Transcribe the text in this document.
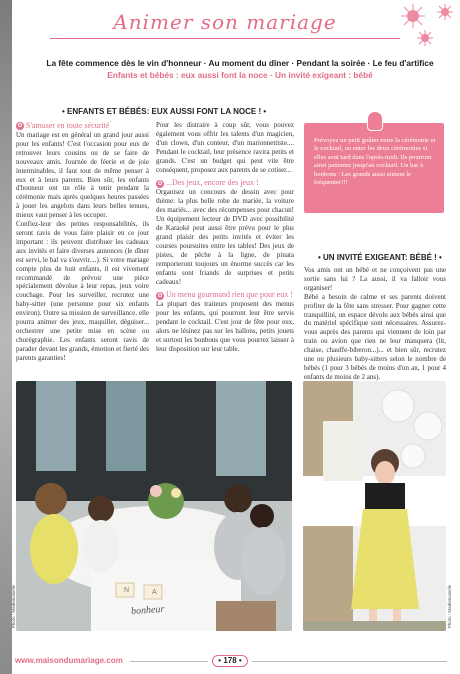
Animer son mariage
La fête commence dès le vin d'honneur · Au moment du dîner · Pendant la soirée · Le feu d'artifice
Enfants et bébés : eux aussi font la noce · Un invité exigeant : bébé
• ENFANTS ET BÉBÉS: EUX AUSSI FONT LA NOCE ! •
✿ S'amuser en toute sécurité

Un mariage est en général un grand jour aussi pour les enfants! C'est l'occasion pour eux de retrouver leurs cousins ou de se faire de nouveaux amis. Journée de féerie et de joie interminables, il faut tout de même penser à eux et à leurs parents. Bien sûr, les enfants d'honneur ont un rôle à tenir pendant la cérémonie mais après quelques heures passées à jouer les angelots dans leurs belles tenues, mieux vaut penser à les occuper.

Confiez-leur des petites responsabilités, ils seront ravis de vous faire plaisir en ce jour important : ils peuvent distribuer les cadeaux aux invités et faire diverses annonces (le dîner est servi, le bal va s'ouvrir....). Si votre mariage compte plus de huit enfants, il est vivement recommandé de prévoir une pièce spécialement dévolue à leur repas, jeux voire couchage. Pour les surveiller, recrutez une baby-sitter (une personne pour six enfants environ). Outre sa mission de surveillance, elle pourra animer des jeux, maquiller, déguiser... orchestrer une petite mise en scène ou chorégraphie. Les enfants seront ravis de parader devant les grands, émotion et fierté des parents garanties!

Pour les distraire à coup sûr, vous pouvez également vous offrir les talents d'un magicien, d'un clown, d'un conteur, d'un marionnettiste.... Pendant le cocktail, leur présence ravira petits et grands. C'est un budget qui peut vite être conséquent, proposez aux parents de se cotiser...

✿ ...Des jeux, encore des jeux !

Organisez un concours de dessin avec pour thème: la plus belle robe de mariée, la voiture des mariés... avec des récompenses pour chacun! Un équipement lecteur de DVD avec possibilité de Karaoké peut aussi être prévu pour le plus grand plaisir des petits invités et éviter les courses poursuites entre les tables! Des jeux de pistes, de pêche à la ligne, de pinata remporteront toujours un énorme succès car les enfants sont friands de surprises et petits cadeaux!

✿ Un menu gourmand rien que pour eux !

La plupart des traiteurs proposent des menus pour les enfants, qui pourront leur être servis pendant le cocktail. C'est jour de fête pour eux, alors ne lésinez pas sur les ballons, petits jouets et surtout les bonbons que vous pourrez laisser à leur disposition sur leur table.

Prévoyez un petit goûter entre la cérémonie et le cocktail, ou entre les deux cérémonies si elles sont tard dans l'après-midi. Ils pourront ainsi patienter jusqu'au cocktail. Un bar à bonbons : Les grands aussi aiment le fréquenter!!!

• UN INVITÉ EXIGEANT: BÉBÉ ! •

Vos amis ont un bébé et ne conçoivent pas une sortie sans lui ? La aussi, il va falloir vous organiser!

Bébé a besoin de calme et ses parents doivent profiter de la fête sans stresser. Pour gagner cette tranquillité, un espace dévolu aux bébés ainsi que du matériel spécifique sont nécessaires. Assurez-vous auprès des parents qui viennent de loin par train ou avion que rien ne leur manquera (lit, chaise, chauffe-biberon...)... et bien sûr, recrutez une ou plusieurs baby-sitters selon le nombre de bébés (1 pour 3 bébés de moins d'un an, 1 pour 4 enfants de moins de 2 ans).

N	A
bonheur
Photo : Mademoiselle	Photo : Mademoiselle
www.maisondumariage.com	• 178 •
